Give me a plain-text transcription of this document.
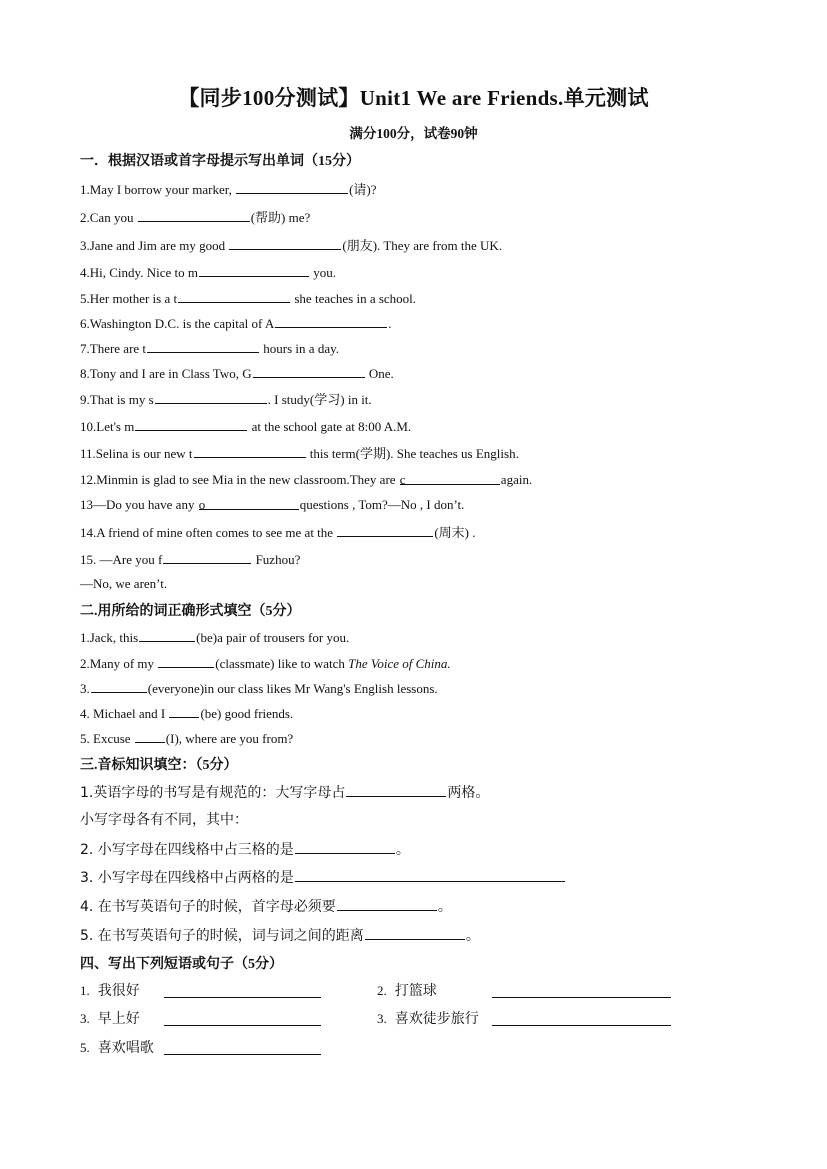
【同步100分测试】Unit1 We are Friends.单元测试
满分100分，试卷90钟
一．根据汉语或首字母提示写出单词（15分）
1.May I borrow your marker,	(请)?
2.Can you	(帮助) me?
3.Jane and Jim are my good	(朋友). They are from the UK.
4.Hi, Cindy. Nice to m	you.
5.Her mother is a t	she teaches in a school.
6.Washington D.C. is the capital of A	.
7.There are t	hours in a day.
8.Tony and I are in Class Two, G	One.
9.That is my s	. I study(学习) in it.
10.Let's m	at the school gate at 8:00 A.M.
11.Selina is our new t	this term(学期). She teaches us English.
12.Minmin is glad to see Mia in the new classroom.They are c	again.
13—Do you have any o	questions , Tom?—No , I don’t.
14.A friend of mine often comes to see me at the	(周末) .
15. —Are you f	Fuzhou?
—No, we aren’t.
二.用所给的词正确形式填空（5分）
1.Jack, this	(be)a pair of trousers for you.
2.Many of my	(classmate) like to watch The Voice of China.
3.	(everyone)in our class likes Mr Wang's English lessons.
4. Michael and I (be) good friends.
5. Excuse (I), where are you from?
三.音标知识填空：（5分）
1.英语字母的书写是有规范的：大写字母占	两格。
小写字母各有不同，其中：
2. 小写字母在四线格中占三格的是	。
3. 小写字母在四线格中占两格的是
4. 在书写英语句子的时候，首字母必须要	。
5. 在书写英语句子的时候，词与词之间的距离	。
四、写出下列短语或句子（5分）
1. 我很好	2. 打篮球
3. 早上好	3. 喜欢徒步旅行
5. 喜欢唱歌
